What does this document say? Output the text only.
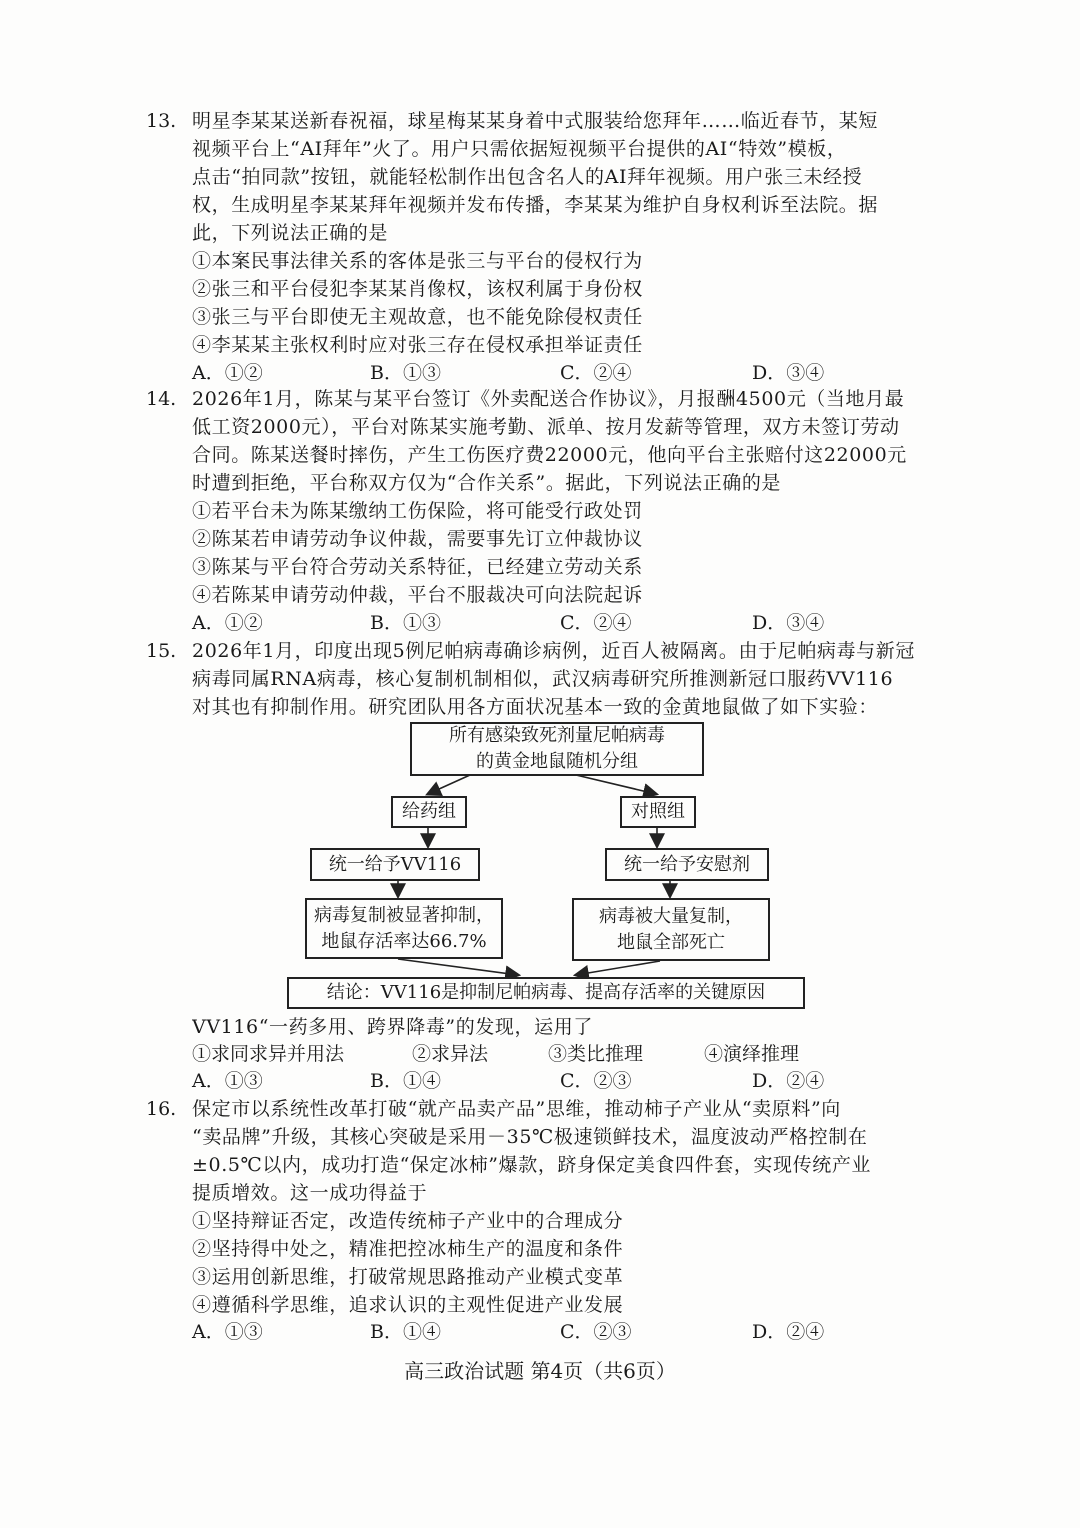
13. 明星李某某送新春祝福，球星梅某某身着中式服装给您拜年……临近春节，某短
视频平台上“AI拜年”火了。用户只需依据短视频平台提供的AI“特效”模板，
点击“拍同款”按钮，就能轻松制作出包含名人的AI拜年视频。用户张三未经授
权，生成明星李某某拜年视频并发布传播，李某某为维护自身权利诉至法院。据
此，下列说法正确的是
①本案民事法律关系的客体是张三与平台的侵权行为
②张三和平台侵犯李某某肖像权，该权利属于身份权
③张三与平台即使无主观故意，也不能免除侵权责任
④李某某主张权利时应对张三存在侵权承担举证责任
A．①②	B．①③	C．②④	D．③④
14. 2026年1月，陈某与某平台签订《外卖配送合作协议》，月报酬4500元（当地月最
低工资2000元），平台对陈某实施考勤、派单、按月发薪等管理，双方未签订劳动
合同。陈某送餐时摔伤，产生工伤医疗费22000元，他向平台主张赔付这22000元
时遭到拒绝，平台称双方仅为“合作关系”。据此，下列说法正确的是
①若平台未为陈某缴纳工伤保险，将可能受行政处罚
②陈某若申请劳动争议仲裁，需要事先订立仲裁协议
③陈某与平台符合劳动关系特征，已经建立劳动关系
④若陈某申请劳动仲裁，平台不服裁决可向法院起诉
A．①②	B．①③	C．②④	D．③④
15. 2026年1月，印度出现5例尼帕病毒确诊病例，近百人被隔离。由于尼帕病毒与新冠
病毒同属RNA病毒，核心复制机制相似，武汉病毒研究所推测新冠口服药VV116
对其也有抑制作用。研究团队用各方面状况基本一致的金黄地鼠做了如下实验：
所有感染致死剂量尼帕病毒
的黄金地鼠随机分组
给药组	对照组
统一给予VV116	统一给予安慰剂
病毒复制被显著抑制，
地鼠存活率达66.7%
病毒被大量复制，
地鼠全部死亡
结论：VV116是抑制尼帕病毒、提高存活率的关键原因
VV116“一药多用、跨界降毒”的发现，运用了
①求同求异并用法	②求异法	③类比推理	④演绎推理
A．①③	B．①④	C．②③	D．②④
16. 保定市以系统性改革打破“就产品卖产品”思维，推动柿子产业从“卖原料”向
“卖品牌”升级，其核心突破是采用－35℃极速锁鲜技术，温度波动严格控制在
±0.5℃以内，成功打造“保定冰柿”爆款，跻身保定美食四件套，实现传统产业
提质增效。这一成功得益于
①坚持辩证否定，改造传统柿子产业中的合理成分
②坚持得中处之，精准把控冰柿生产的温度和条件
③运用创新思维，打破常规思路推动产业模式变革
④遵循科学思维，追求认识的主观性促进产业发展
A．①③	B．①④	C．②③	D．②④
高三政治试题 第4页（共6页）
